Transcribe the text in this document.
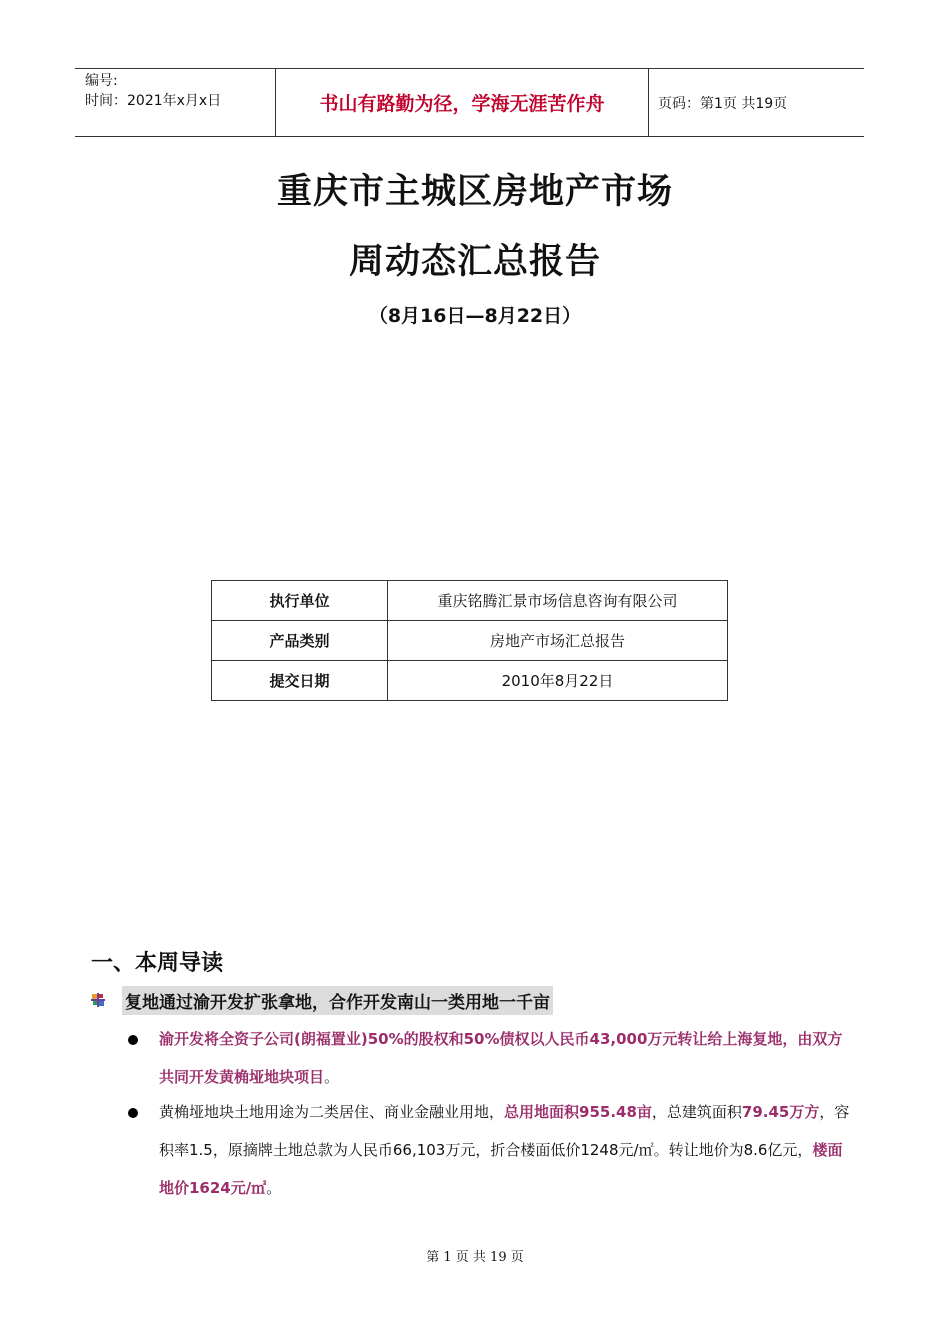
编号:
时间：2021年x月x日	书山有路勤为径，学海无涯苦作舟	页码：第1页 共19页
重庆市主城区房地产市场
周动态汇总报告
（8月16日—8月22日）
执行单位	重庆铭腾汇景市场信息咨询有限公司
产品类别	房地产市场汇总报告
提交日期	2010年8月22日
一、本周导读
复地通过渝开发扩张拿地，合作开发南山一类用地一千亩
渝开发将全资子公司(朗福置业)50%的股权和50%债权以人民币43,000万元转让给上海复地，由双方共同开发黄桷垭地块项目。
黄桷垭地块土地用途为二类居住、商业金融业用地，总用地面积955.48亩，总建筑面积79.45万方，容积率1.5，原摘牌土地总款为人民币66,103万元，折合楼面低价1248元/㎡。转让地价为8.6亿元，楼面地价1624元/㎡。
第 1 页 共 19 页
